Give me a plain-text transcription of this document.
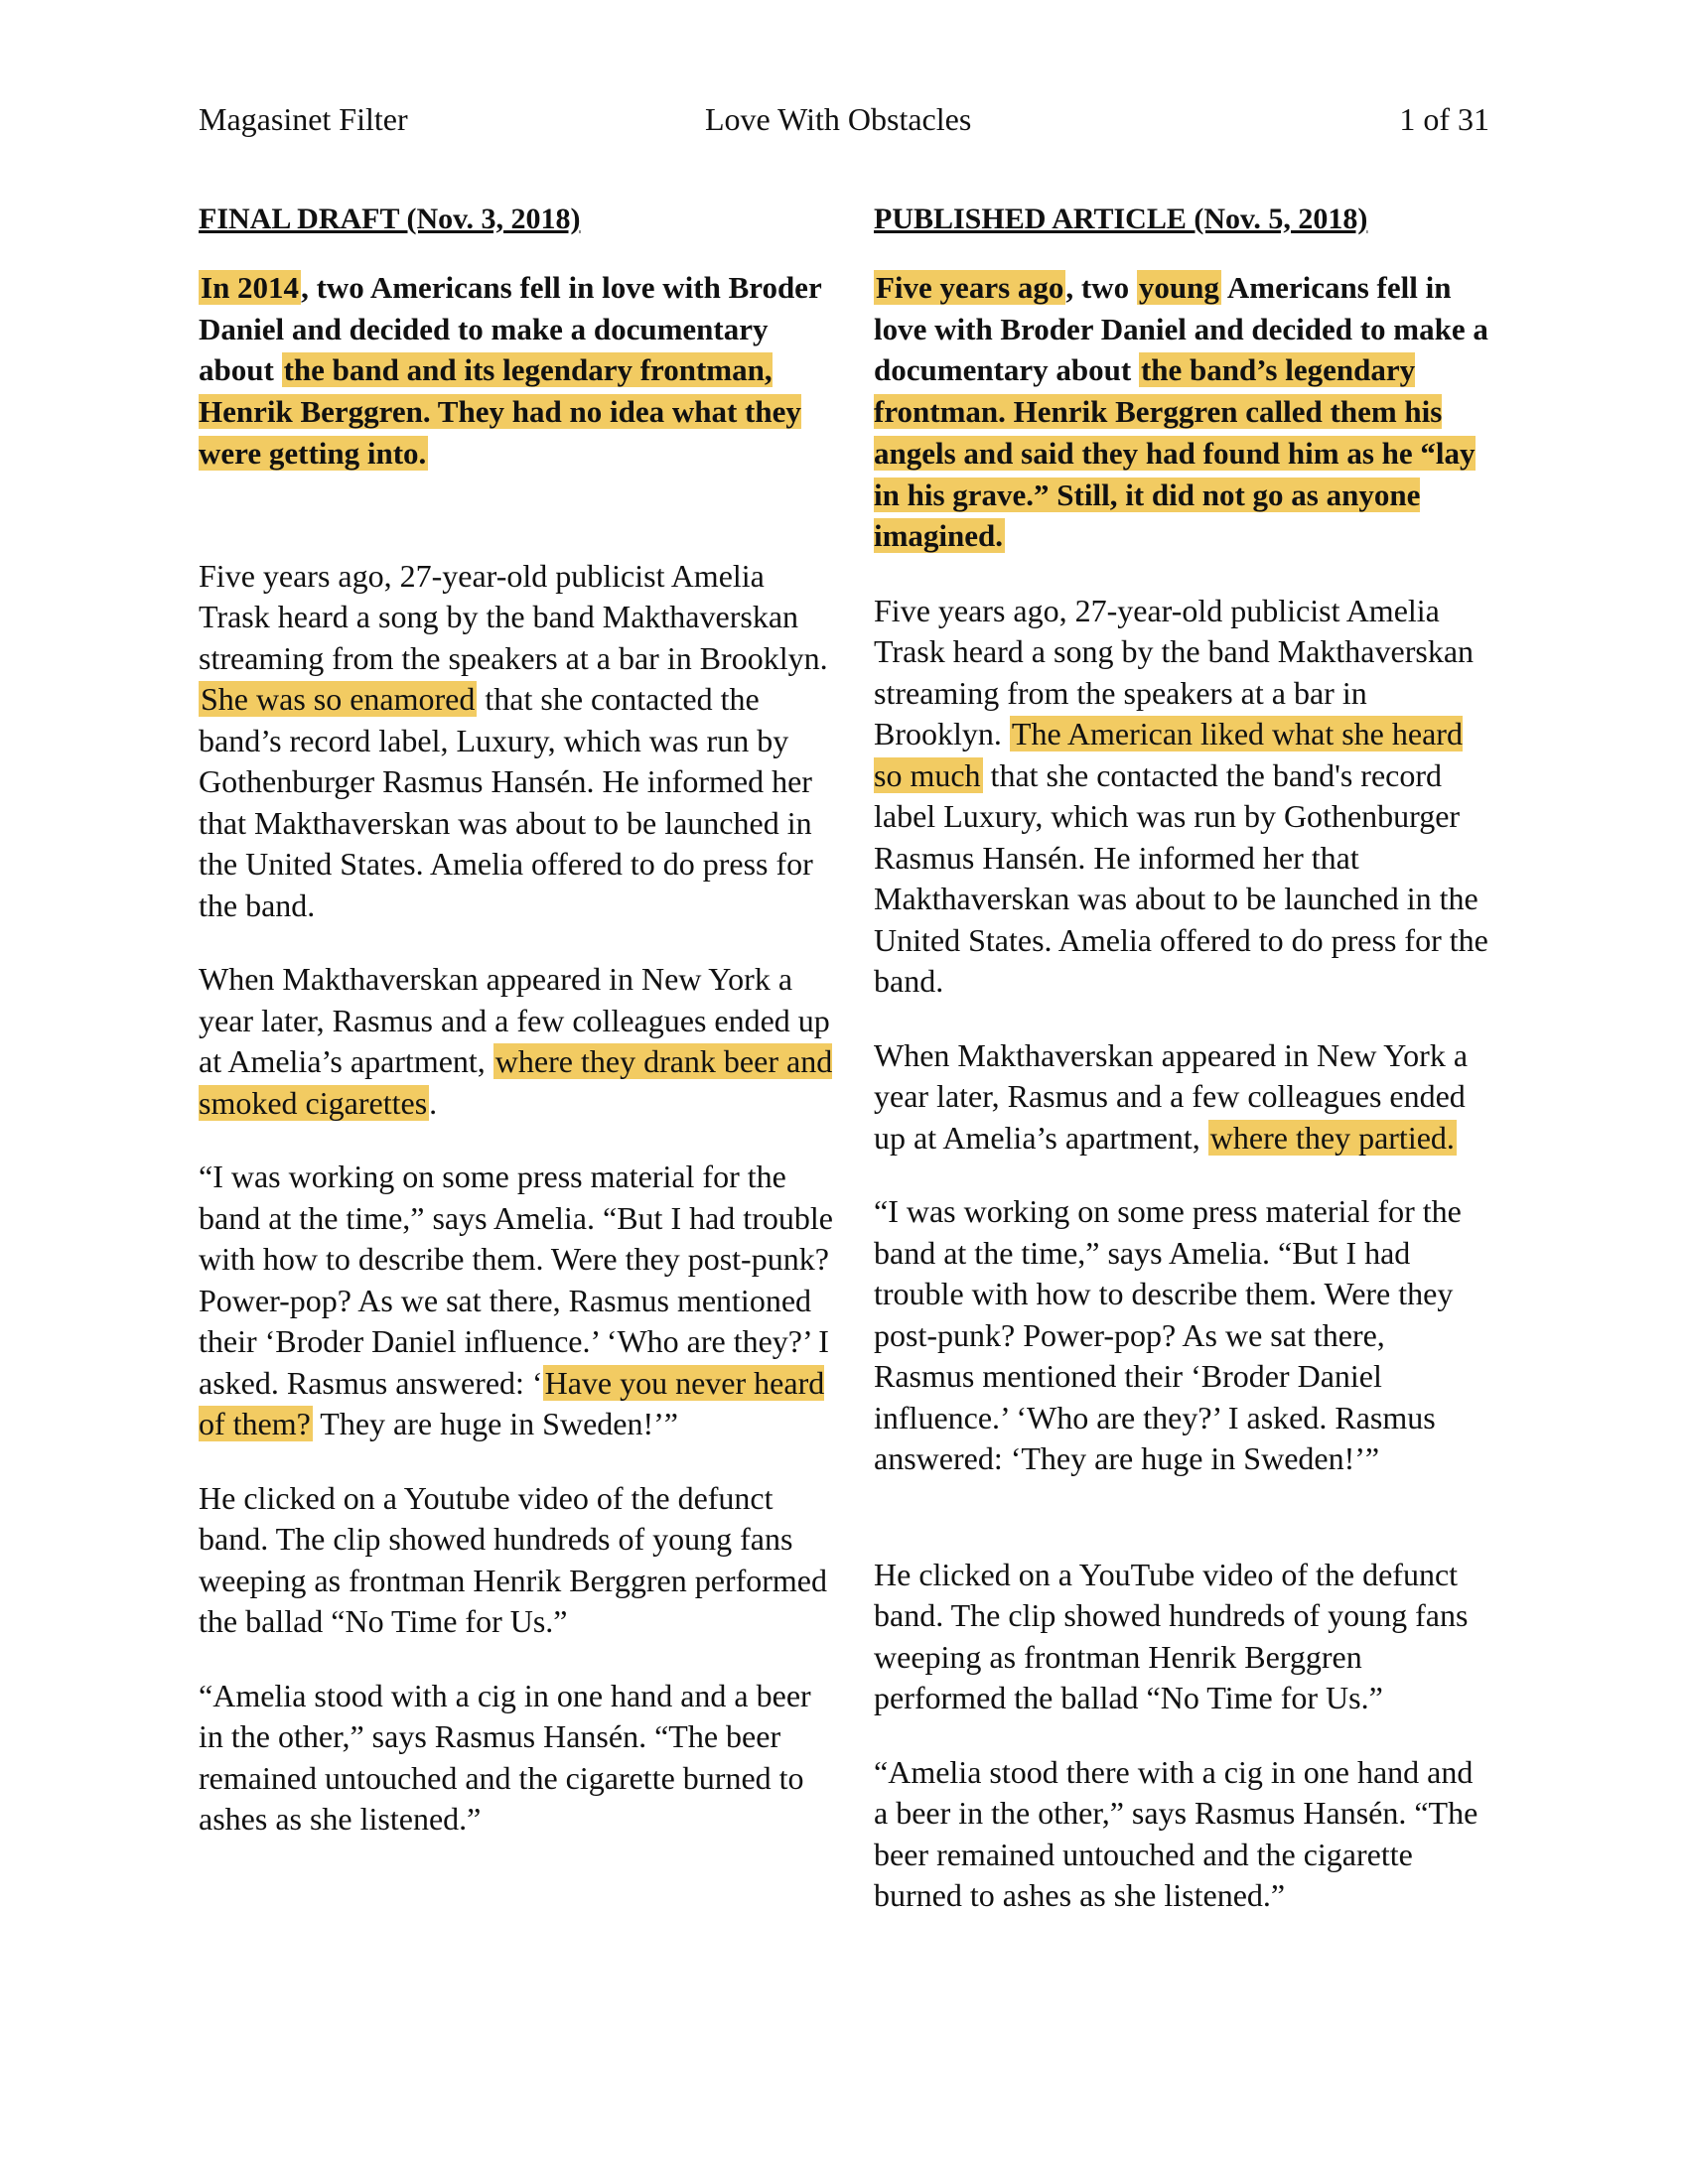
Magasinet Filter	Love With Obstacles	1 of 31
FINAL DRAFT (Nov. 3, 2018)

In 2014, two Americans fell in love with Broder Daniel and decided to make a documentary about the band and its legendary frontman, Henrik Berggren. They had no idea what they were getting into.

Five years ago, 27-year-old publicist Amelia Trask heard a song by the band Makthaverskan streaming from the speakers at a bar in Brooklyn. She was so enamored that she contacted the band’s record label, Luxury, which was run by Gothenburger Rasmus Hansén. He informed her that Makthaverskan was about to be launched in the United States. Amelia offered to do press for the band.

When Makthaverskan appeared in New York a year later, Rasmus and a few colleagues ended up at Amelia’s apartment, where they drank beer and smoked cigarettes.

“I was working on some press material for the band at the time,” says Amelia. “But I had trouble with how to describe them. Were they post-punk? Power-pop? As we sat there, Rasmus mentioned their ‘Broder Daniel influence.’ ‘Who are they?’ I asked. Rasmus answered: ‘Have you never heard of them? They are huge in Sweden!’”

He clicked on a Youtube video of the defunct band. The clip showed hundreds of young fans weeping as frontman Henrik Berggren performed the ballad “No Time for Us.”

“Amelia stood with a cig in one hand and a beer in the other,” says Rasmus Hansén. “The beer remained untouched and the cigarette burned to ashes as she listened.”

PUBLISHED ARTICLE (Nov. 5, 2018)

Five years ago, two young Americans fell in love with Broder Daniel and decided to make a documentary about the band’s legendary frontman. Henrik Berggren called them his angels and said they had found him as he “lay in his grave.” Still, it did not go as anyone imagined.

Five years ago, 27-year-old publicist Amelia Trask heard a song by the band Makthaverskan streaming from the speakers at a bar in Brooklyn. The American liked what she heard so much that she contacted the band's record label Luxury, which was run by Gothenburger Rasmus Hansén. He informed her that Makthaverskan was about to be launched in the United States. Amelia offered to do press for the band.

When Makthaverskan appeared in New York a year later, Rasmus and a few colleagues ended up at Amelia’s apartment, where they partied.

“I was working on some press material for the band at the time,” says Amelia. “But I had trouble with how to describe them. Were they post-punk? Power-pop? As we sat there, Rasmus mentioned their ‘Broder Daniel influence.’ ‘Who are they?’ I asked. Rasmus answered: ‘They are huge in Sweden!’”

He clicked on a YouTube video of the defunct band. The clip showed hundreds of young fans weeping as frontman Henrik Berggren performed the ballad “No Time for Us.”

“Amelia stood there with a cig in one hand and a beer in the other,” says Rasmus Hansén. “The beer remained untouched and the cigarette burned to ashes as she listened.”
